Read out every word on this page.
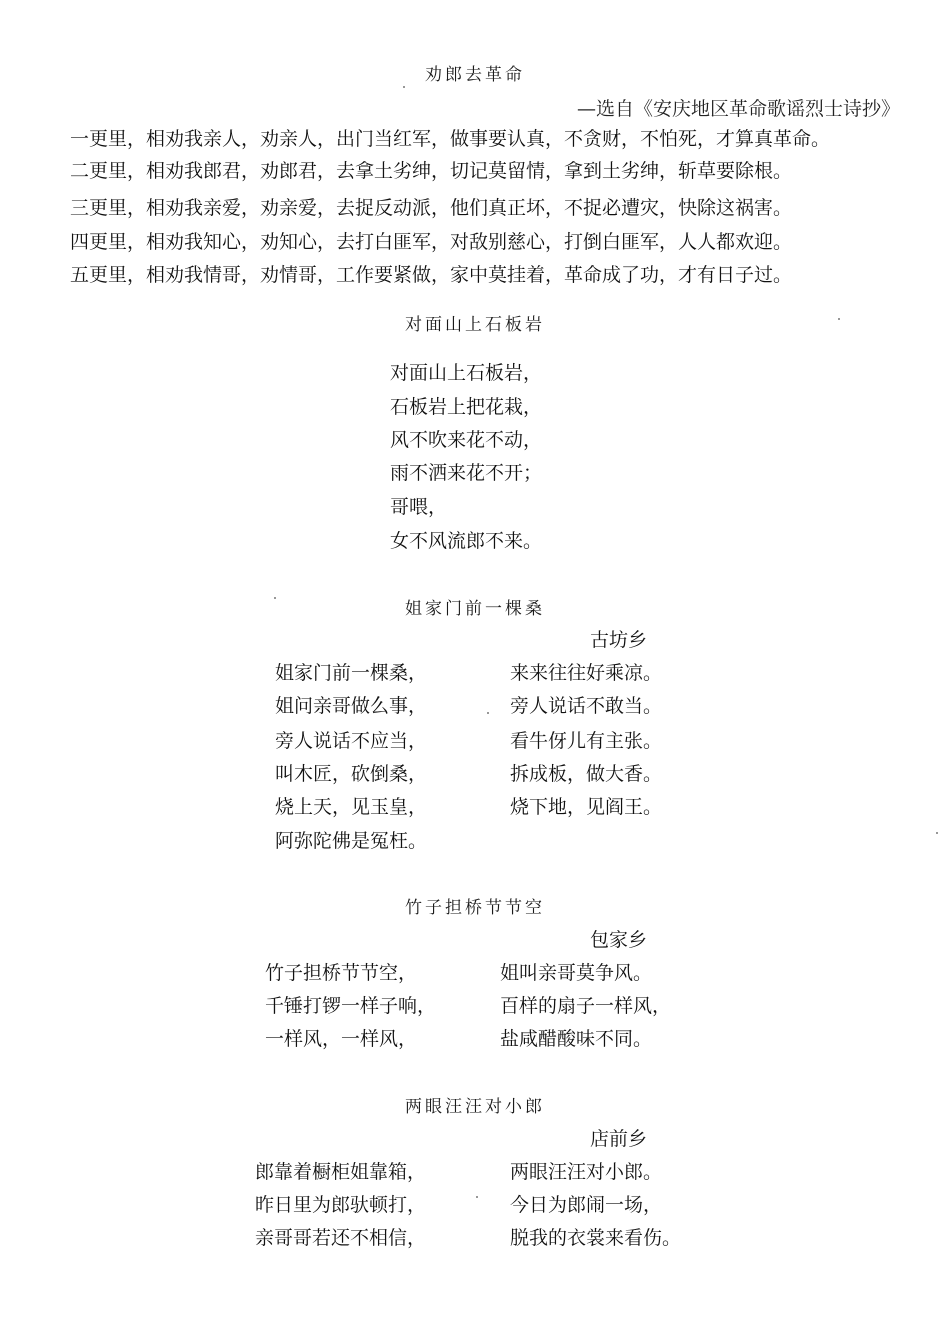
劝郎去革命
—选自《安庆地区革命歌谣烈士诗抄》
一更里，相劝我亲人，劝亲人，出门当红军，做事要认真，不贪财，不怕死，才算真革命。
二更里，相劝我郎君，劝郎君，去拿土劣绅，切记莫留情，拿到土劣绅，斩草要除根。
三更里，相劝我亲爱，劝亲爱，去捉反动派，他们真正坏，不捉必遭灾，快除这祸害。
四更里，相劝我知心，劝知心，去打白匪军，对敌别慈心，打倒白匪军，人人都欢迎。
五更里，相劝我情哥，劝情哥，工作要紧做，家中莫挂着，革命成了功，才有日子过。
对面山上石板岩
对面山上石板岩，
石板岩上把花栽，
风不吹来花不动，
雨不洒来花不开；
哥喂，
女不风流郎不来。
姐家门前一棵桑
古坊乡
姐家门前一棵桑，
姐问亲哥做么事，
旁人说话不应当，
叫木匠，砍倒桑，
烧上天，见玉皇，
阿弥陀佛是冤枉。
来来往往好乘凉。
旁人说话不敢当。
看牛伢儿有主张。
拆成板，做大香。
烧下地，见阎王。
竹子担桥节节空
包家乡
竹子担桥节节空，
千锤打锣一样子响，
一样风，一样风，
姐叫亲哥莫争风。
百样的扇子一样风，
盐咸醋酸味不同。
两眼汪汪对小郎
店前乡
郎靠着橱柜姐靠箱，
昨日里为郎驮顿打，
亲哥哥若还不相信，
两眼汪汪对小郎。
今日为郎闹一场，
脱我的衣裳来看伤。
